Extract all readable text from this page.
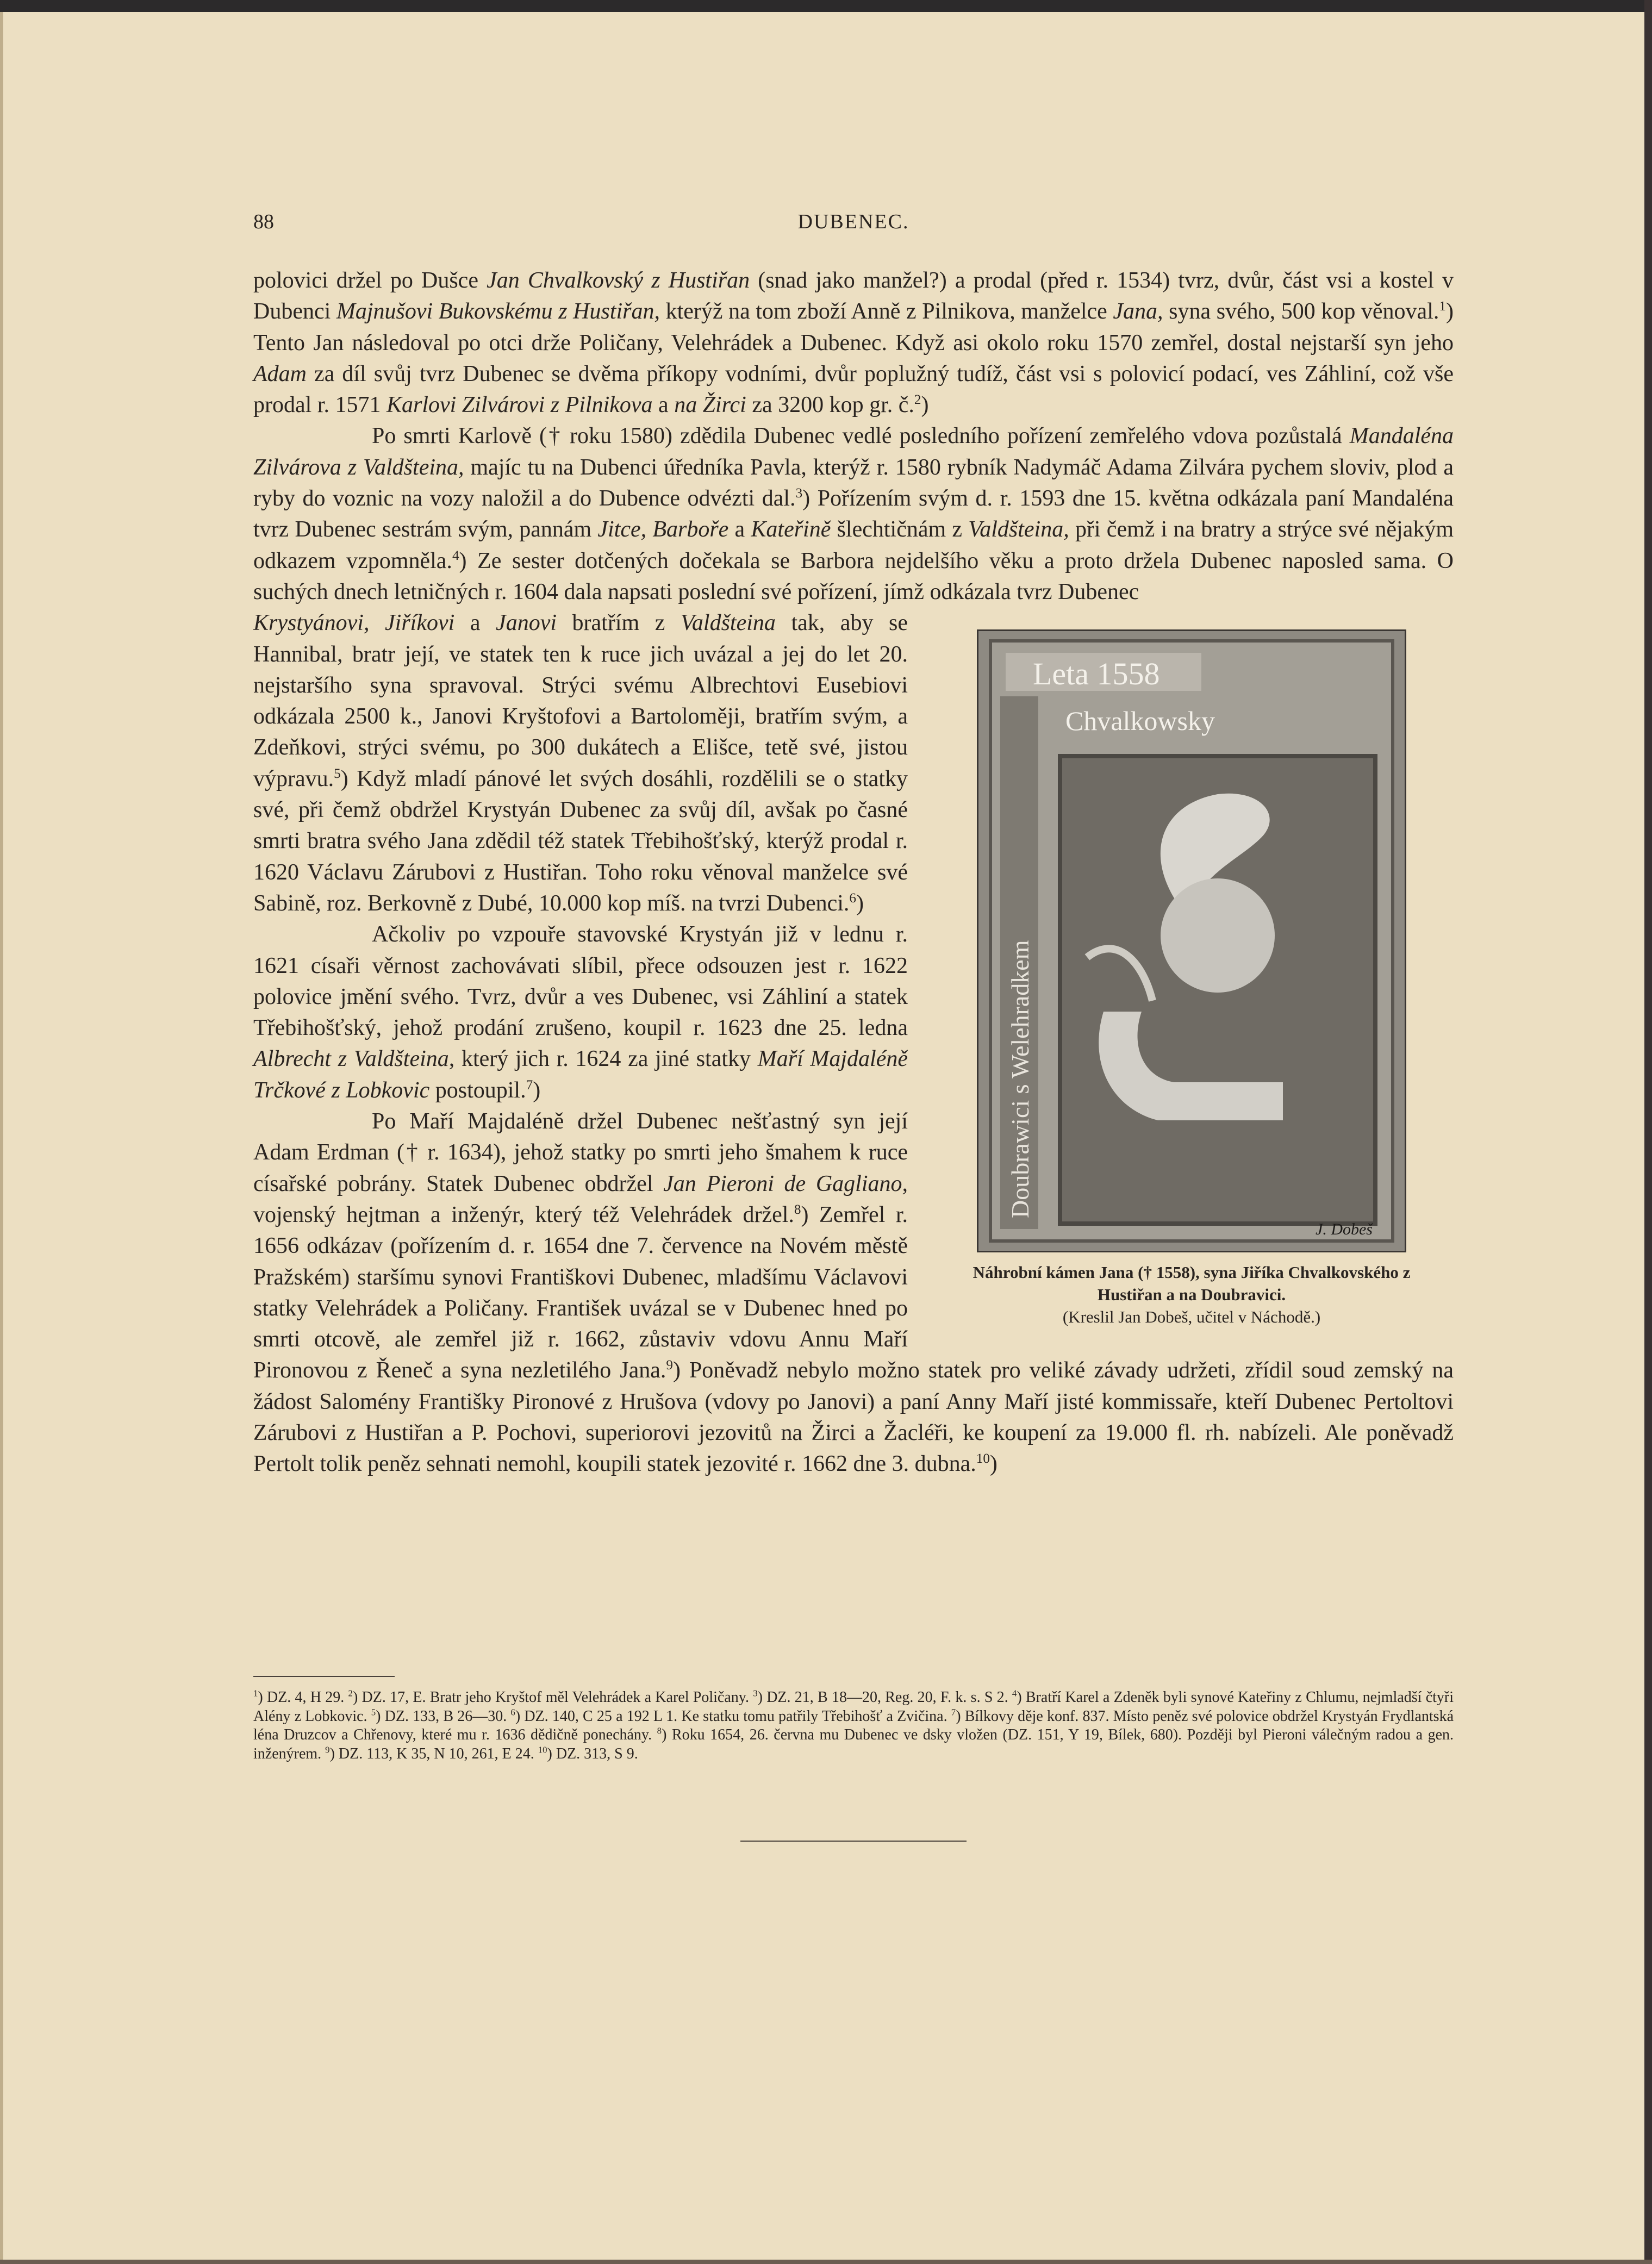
88	DUBENEC.

polovici držel po Dušce Jan Chvalkovský z Hustiřan (snad jako manžel?) a prodal (před r. 1534) tvrz, dvůr, část vsi a kostel v Dubenci Majnušovi Bukovskému z Hustiřan, kterýž na tom zboží Anně z Pilnikova, manželce Jana, syna svého, 500 kop věnoval.$^1$) Tento Jan následoval po otci drže Poličany, Velehrádek a Dubenec. Když asi okolo roku 1570 zemřel, dostal nejstarší syn jeho Adam za díl svůj tvrz Dubenec se dvěma příkopy vodními, dvůr poplužný tudíž, část vsi s polovicí podací, ves Záhliní, což vše prodal r. 1571 Karlovi Zilvárovi z Pilnikova a na Žirci za 3200 kop gr. č.$^2$)

Po smrti Karlově († roku 1580) zdědila Dubenec vedlé posledního pořízení zemřelého vdova pozůstalá Mandaléna Zilvárova z Valdšteina, majíc tu na Dubenci úředníka Pavla, kterýž r. 1580 rybník Nadymáč Adama Zilvára pychem sloviv, plod a ryby do voznic na vozy naložil a do Dubence odvézti dal.$^3$) Pořízením svým d. r. 1593 dne 15. května odkázala paní Mandaléna tvrz Dubenec sestrám svým, pannám Jitce, Barboře a Kateřině šlechtičnám z Valdšteina, při čemž i na bratry a strýce své nějakým odkazem vzpomněla.$^4$) Ze sester dotčených dočekala se Barbora nejdelšího věku a proto držela Dubenec naposled sama. O suchých dnech letničných r. 1604 dala napsati poslední své pořízení, jímž odkázala tvrz Dubenec

Leta 1558
Chvalkowsky
Doubrawici s Welehradkem
J. Dobeš
Náhrobní kámen Jana († 1558), syna Jiříka Chvalkovského z Hustiřan a na Doubravici.
(Kreslil Jan Dobeš, učitel v Náchodě.)
Krystyánovi, Jiříkovi a Janovi bratřím z Valdšteina tak, aby se Hannibal, bratr její, ve statek ten k ruce jich uvázal a jej do let 20. nejstaršího syna spravoval. Strýci svému Albrechtovi Eusebiovi odkázala 2500 k., Janovi Kryštofovi a Bartoloměji, bratřím svým, a Zdeňkovi, strýci svému, po 300 dukátech a Elišce, tetě své, jistou výpravu.$^5$) Když mladí pánové let svých dosáhli, rozdělili se o statky své, při čemž obdržel Krystyán Dubenec za svůj díl, avšak po časné smrti bratra svého Jana zdědil též statek Třebihošťský, kterýž prodal r. 1620 Václavu Zárubovi z Hustiřan. Toho roku věnoval manželce své Sabině, roz. Berkovně z Dubé, 10.000 kop míš. na tvrzi Dubenci.$^6$)

Ačkoliv po vzpouře stavovské Krystyán již v lednu r. 1621 císaři věrnost zachovávati slíbil, přece odsouzen jest r. 1622 polovice jmění svého. Tvrz, dvůr a ves Dubenec, vsi Záhliní a statek Třebihošťský, jehož prodání zrušeno, koupil r. 1623 dne 25. ledna Albrecht z Valdšteina, který jich r. 1624 za jiné statky Maří Majdaléně Trčkové z Lobkovic postoupil.$^7$)

Po Maří Majdaléně držel Dubenec nešťastný syn její Adam Erdman († r. 1634), jehož statky po smrti jeho šmahem k ruce císařské pobrány. Statek Dubenec obdržel Jan Pieroni de Gagliano, vojenský hejtman a inženýr, který též Velehrádek držel.$^8$) Zemřel r. 1656 odkázav (pořízením d. r. 1654 dne 7. července na Novém městě Pražském) staršímu synovi Františkovi Dubenec, mladšímu Václavovi statky Velehrádek a Poličany. František uvázal se v Dubenec hned po smrti otcově, ale zemřel již r. 1662, zůstaviv vdovu Annu Maří Pironovou z Řeneč a syna nezletilého Jana.$^9$) Poněvadž nebylo možno statek pro veliké závady udržeti, zřídil soud zemský na žádost Salomény Františky Pironové z Hrušova (vdovy po Janovi) a paní Anny Maří jisté kommissaře, kteří Dubenec Pertoltovi Zárubovi z Hustiřan a P. Pochovi, superiorovi jezovitů na Žirci a Žacléři, ke koupení za 19.000 fl. rh. nabízeli. Ale poněvadž Pertolt tolik peněz sehnati nemohl, koupili statek jezovité r. 1662 dne 3. dubna.$^{10}$)

$^1$) DZ. 4, H 29. $^2$) DZ. 17, E. Bratr jeho Kryštof měl Velehrádek a Karel Poličany. $^3$) DZ. 21, B 18—20, Reg. 20, F. k. s. S 2. $^4$) Bratří Karel a Zdeněk byli synové Kateřiny z Chlumu, nejmladší čtyři Alény z Lobkovic. $^5$) DZ. 133, B 26—30. $^6$) DZ. 140, C 25 a 192 L 1. Ke statku tomu patřily Třebihošť a Zvičina. $^7$) Bílkovy děje konf. 837. Místo peněz své polovice obdržel Krystyán Frydlantská léna Druzcov a Chřenovy, které mu r. 1636 dědičně ponechány. $^8$) Roku 1654, 26. června mu Dubenec ve dsky vložen (DZ. 151, Y 19, Bílek, 680). Později byl Pieroni válečným radou a gen. inženýrem. $^9$) DZ. 113, K 35, N 10, 261, E 24. $^{10}$) DZ. 313, S 9.
